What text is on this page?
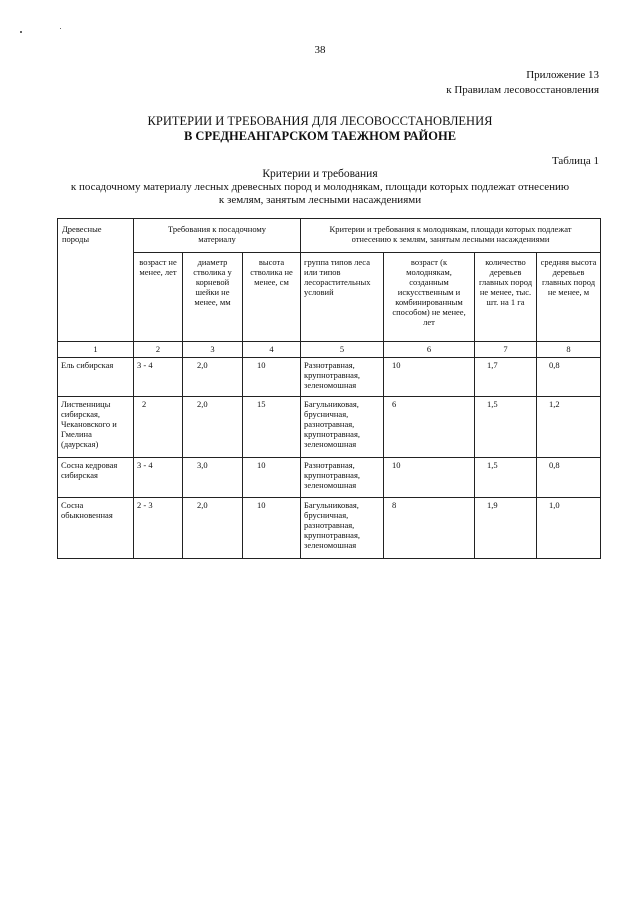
38
Приложение 13
к Правилам лесовосстановления
КРИТЕРИИ И ТРЕБОВАНИЯ ДЛЯ ЛЕСОВОССТАНОВЛЕНИЯ
В СРЕДНЕАНГАРСКОМ ТАЕЖНОМ РАЙОНЕ
Таблица 1
Критерии и требования
к посадочному материалу лесных древесных пород и молоднякам, площади которых подлежат отнесению
к землям, занятым лесными насаждениями
Древесные породы	Требования к посадочному материалу			Критерии и требования к молоднякам, площади которых подлежат отнесению к землям, занятым лесными насаждениями			
	возраст не менее, лет	диаметр стволика у корневой шейки не менее, мм	высота стволика не менее, см	группа типов леса или типов лесорастительных условий	возраст (к молоднякам, созданным искусственным и комбинированным способом) не менее, лет	количество деревьев главных пород не менее, тыс. шт. на 1 га	средняя высота деревьев главных пород не менее, м
1	2	3	4	5	6	7	8
Ель сибирская	3 - 4	2,0	10	Разнотравная, крупнотравная, зеленомошная	10	1,7	0,8
Лиственницы сибирская, Чекановского и Гмелина (даурская)	2	2,0	15	Багульниковая, брусничная, разнотравная, крупнотравная, зеленомошная	6	1,5	1,2
Сосна кедровая сибирская	3 - 4	3,0	10	Разнотравная, крупнотравная, зеленомошная	10	1,5	0,8
Сосна обыкновенная	2 - 3	2,0	10	Багульниковая, брусничная, разнотравная, крупнотравная, зеленомошная	8	1,9	1,0
